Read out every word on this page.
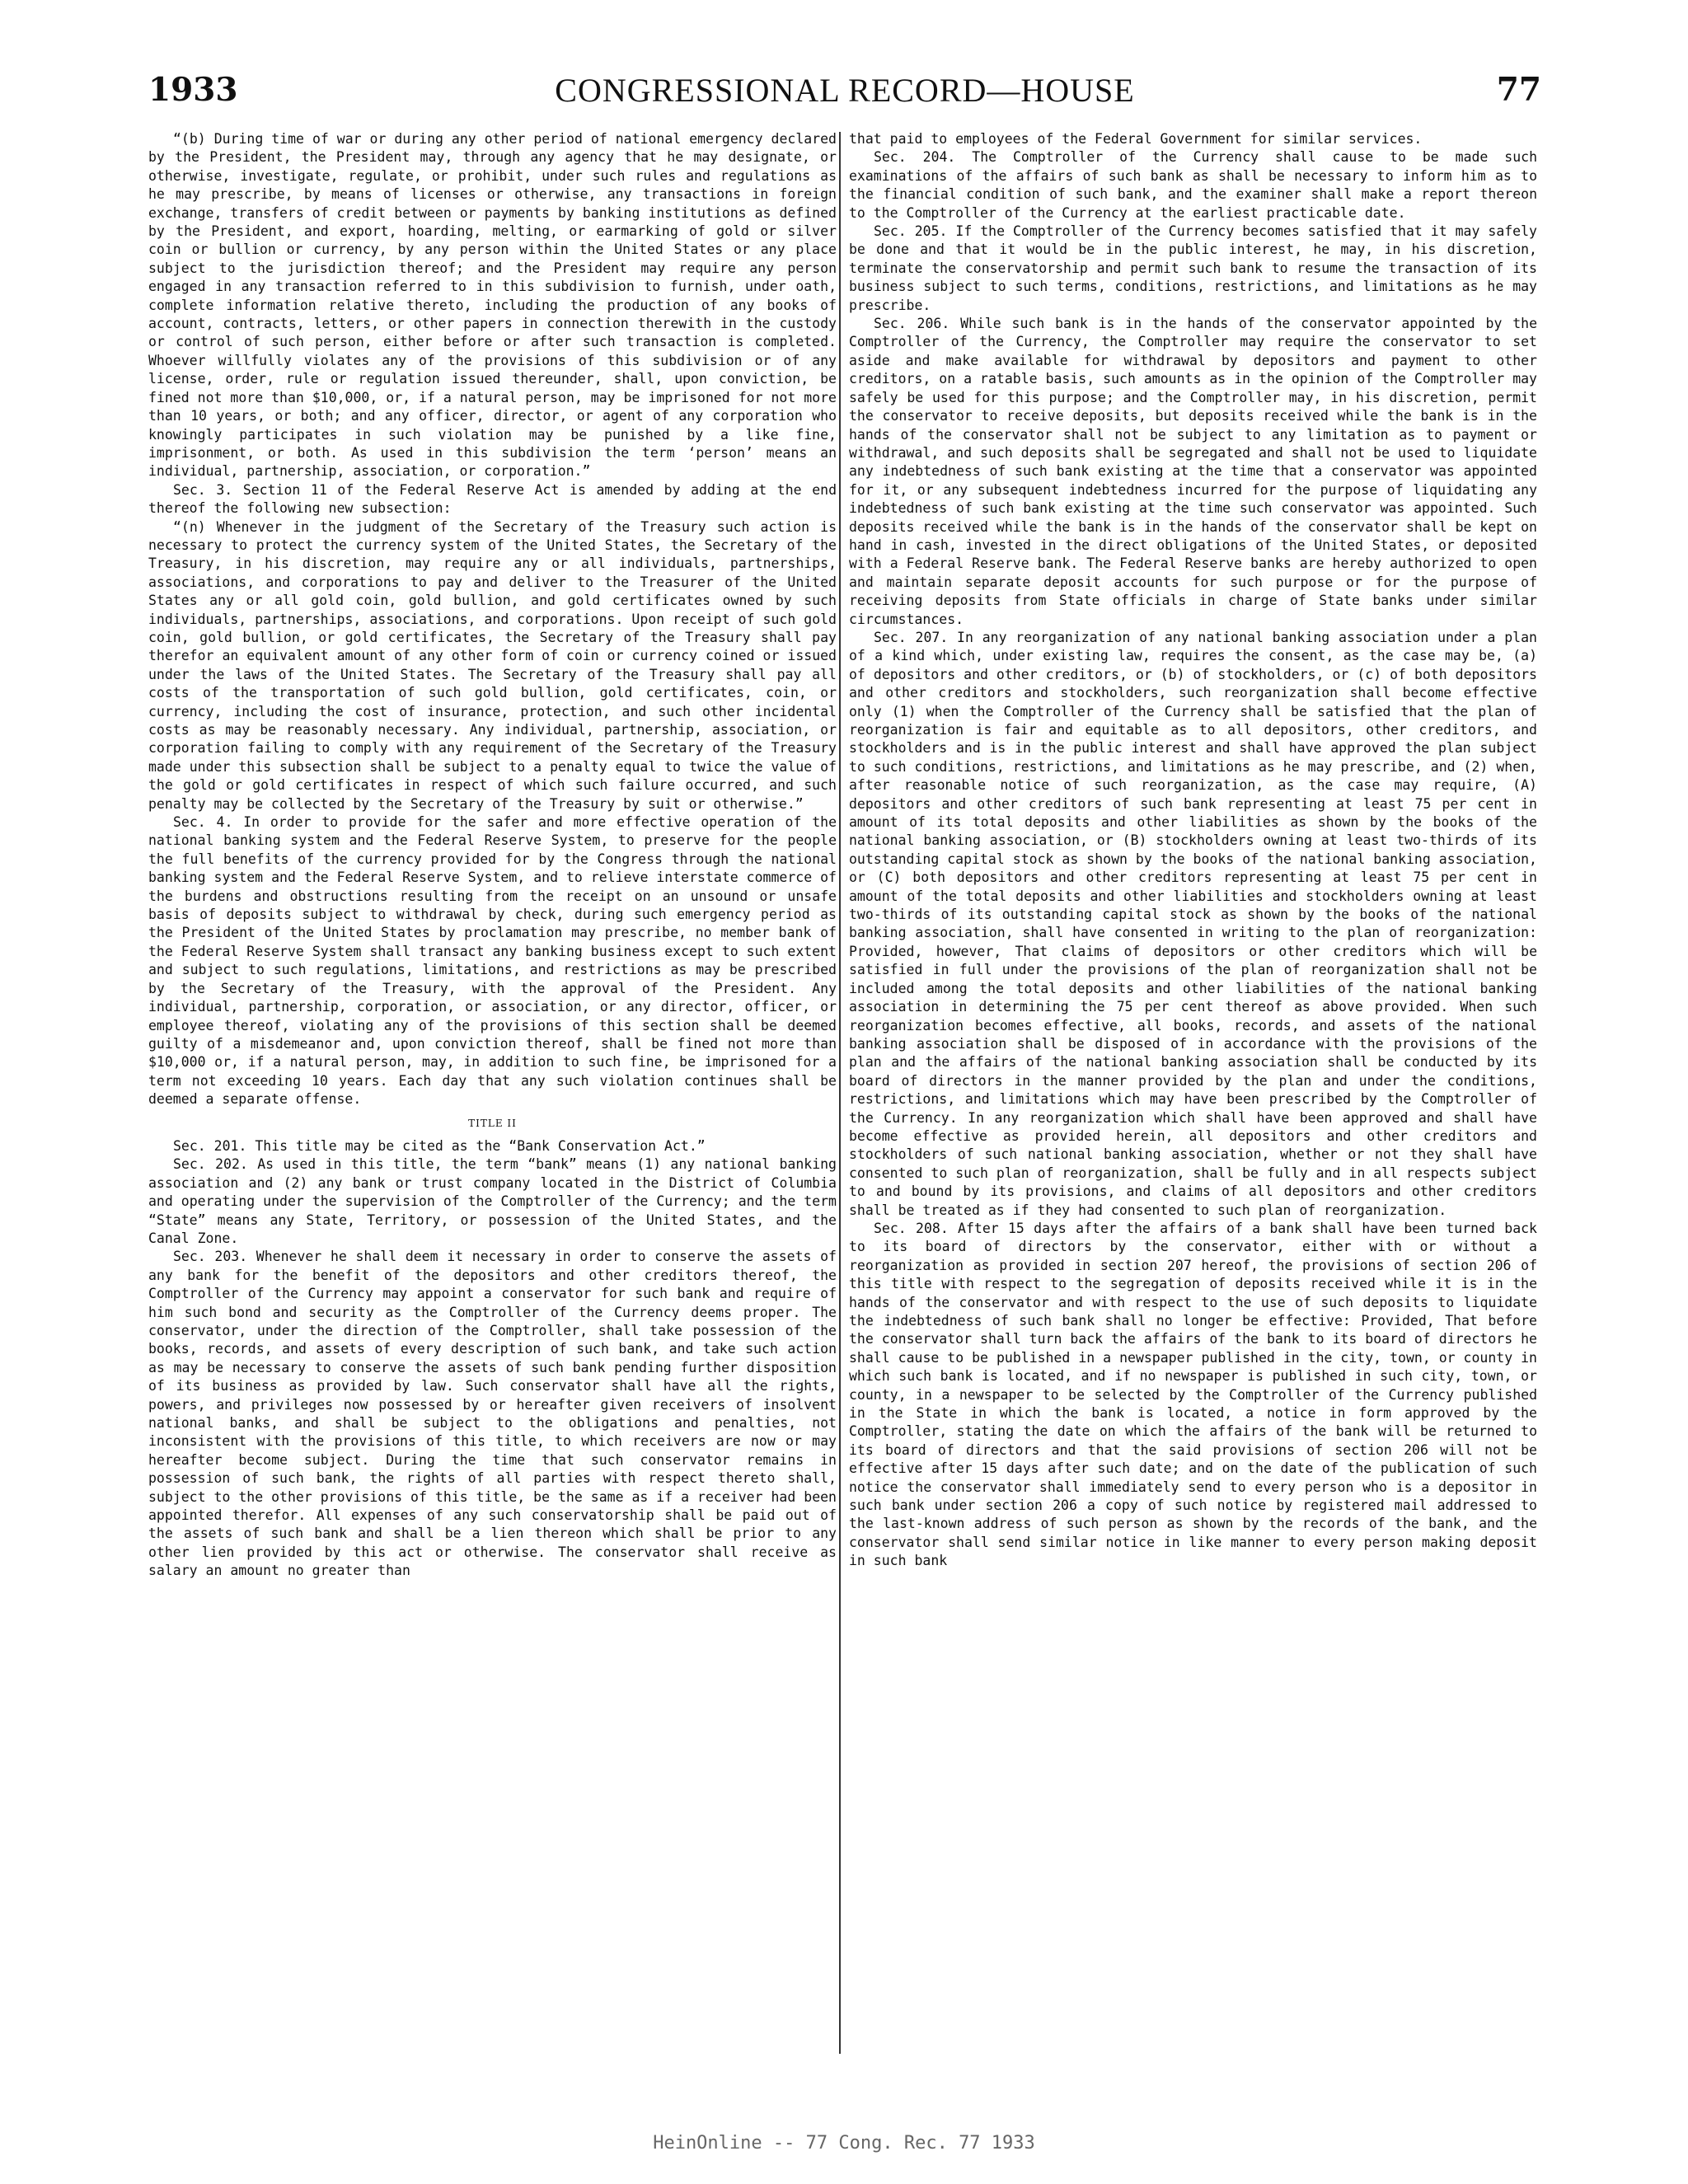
1933	CONGRESSIONAL RECORD—HOUSE	77

“(b) During time of war or during any other period of national emergency declared by the President, the President may, through any agency that he may designate, or otherwise, investigate, regulate, or prohibit, under such rules and regulations as he may prescribe, by means of licenses or otherwise, any transactions in foreign exchange, transfers of credit between or payments by banking institutions as defined by the President, and export, hoarding, melting, or earmarking of gold or silver coin or bullion or currency, by any person within the United States or any place subject to the jurisdiction thereof; and the President may require any person engaged in any transaction referred to in this subdivision to furnish, under oath, complete information relative thereto, including the production of any books of account, contracts, letters, or other papers in connection therewith in the custody or control of such person, either before or after such transaction is completed. Whoever willfully violates any of the provisions of this subdivision or of any license, order, rule or regulation issued thereunder, shall, upon conviction, be fined not more than $10,000, or, if a natural person, may be imprisoned for not more than 10 years, or both; and any officer, director, or agent of any corporation who knowingly participates in such violation may be punished by a like fine, imprisonment, or both. As used in this subdivision the term ‘person’ means an individual, partnership, association, or corporation.”

Sec. 3. Section 11 of the Federal Reserve Act is amended by adding at the end thereof the following new subsection:

“(n) Whenever in the judgment of the Secretary of the Treasury such action is necessary to protect the currency system of the United States, the Secretary of the Treasury, in his discretion, may require any or all individuals, partnerships, associations, and corporations to pay and deliver to the Treasurer of the United States any or all gold coin, gold bullion, and gold certificates owned by such individuals, partnerships, associations, and corporations. Upon receipt of such gold coin, gold bullion, or gold certificates, the Secretary of the Treasury shall pay therefor an equivalent amount of any other form of coin or currency coined or issued under the laws of the United States. The Secretary of the Treasury shall pay all costs of the transportation of such gold bullion, gold certificates, coin, or currency, including the cost of insurance, protection, and such other incidental costs as may be reasonably necessary. Any individual, partnership, association, or corporation failing to comply with any requirement of the Secretary of the Treasury made under this subsection shall be subject to a penalty equal to twice the value of the gold or gold certificates in respect of which such failure occurred, and such penalty may be collected by the Secretary of the Treasury by suit or otherwise.”

Sec. 4. In order to provide for the safer and more effective operation of the national banking system and the Federal Reserve System, to preserve for the people the full benefits of the currency provided for by the Congress through the national banking system and the Federal Reserve System, and to relieve interstate commerce of the burdens and obstructions resulting from the receipt on an unsound or unsafe basis of deposits subject to withdrawal by check, during such emergency period as the President of the United States by proclamation may prescribe, no member bank of the Federal Reserve System shall transact any banking business except to such extent and subject to such regulations, limitations, and restrictions as may be prescribed by the Secretary of the Treasury, with the approval of the President. Any individual, partnership, corporation, or association, or any director, officer, or employee thereof, violating any of the provisions of this section shall be deemed guilty of a misdemeanor and, upon conviction thereof, shall be fined not more than $10,000 or, if a natural person, may, in addition to such fine, be imprisoned for a term not exceeding 10 years. Each day that any such violation continues shall be deemed a separate offense.

TITLE II

Sec. 201. This title may be cited as the “Bank Conservation Act.”

Sec. 202. As used in this title, the term “bank” means (1) any national banking association and (2) any bank or trust company located in the District of Columbia and operating under the supervision of the Comptroller of the Currency; and the term “State” means any State, Territory, or possession of the United States, and the Canal Zone.

Sec. 203. Whenever he shall deem it necessary in order to conserve the assets of any bank for the benefit of the depositors and other creditors thereof, the Comptroller of the Currency may appoint a conservator for such bank and require of him such bond and security as the Comptroller of the Currency deems proper. The conservator, under the direction of the Comptroller, shall take possession of the books, records, and assets of every description of such bank, and take such action as may be necessary to conserve the assets of such bank pending further disposition of its business as provided by law. Such conservator shall have all the rights, powers, and privileges now possessed by or hereafter given receivers of insolvent national banks, and shall be subject to the obligations and penalties, not inconsistent with the provisions of this title, to which receivers are now or may hereafter become subject. During the time that such conservator remains in possession of such bank, the rights of all parties with respect thereto shall, subject to the other provisions of this title, be the same as if a receiver had been appointed therefor. All expenses of any such conservatorship shall be paid out of the assets of such bank and shall be a lien thereon which shall be prior to any other lien provided by this act or otherwise. The conservator shall receive as salary an amount no greater than

that paid to employees of the Federal Government for similar services.

Sec. 204. The Comptroller of the Currency shall cause to be made such examinations of the affairs of such bank as shall be necessary to inform him as to the financial condition of such bank, and the examiner shall make a report thereon to the Comptroller of the Currency at the earliest practicable date.

Sec. 205. If the Comptroller of the Currency becomes satisfied that it may safely be done and that it would be in the public interest, he may, in his discretion, terminate the conservatorship and permit such bank to resume the transaction of its business subject to such terms, conditions, restrictions, and limitations as he may prescribe.

Sec. 206. While such bank is in the hands of the conservator appointed by the Comptroller of the Currency, the Comptroller may require the conservator to set aside and make available for withdrawal by depositors and payment to other creditors, on a ratable basis, such amounts as in the opinion of the Comptroller may safely be used for this purpose; and the Comptroller may, in his discretion, permit the conservator to receive deposits, but deposits received while the bank is in the hands of the conservator shall not be subject to any limitation as to payment or withdrawal, and such deposits shall be segregated and shall not be used to liquidate any indebtedness of such bank existing at the time that a conservator was appointed for it, or any subsequent indebtedness incurred for the purpose of liquidating any indebtedness of such bank existing at the time such conservator was appointed. Such deposits received while the bank is in the hands of the conservator shall be kept on hand in cash, invested in the direct obligations of the United States, or deposited with a Federal Reserve bank. The Federal Reserve banks are hereby authorized to open and maintain separate deposit accounts for such purpose or for the purpose of receiving deposits from State officials in charge of State banks under similar circumstances.

Sec. 207. In any reorganization of any national banking association under a plan of a kind which, under existing law, requires the consent, as the case may be, (a) of depositors and other creditors, or (b) of stockholders, or (c) of both depositors and other creditors and stockholders, such reorganization shall become effective only (1) when the Comptroller of the Currency shall be satisfied that the plan of reorganization is fair and equitable as to all depositors, other creditors, and stockholders and is in the public interest and shall have approved the plan subject to such conditions, restrictions, and limitations as he may prescribe, and (2) when, after reasonable notice of such reorganization, as the case may require, (A) depositors and other creditors of such bank representing at least 75 per cent in amount of its total deposits and other liabilities as shown by the books of the national banking association, or (B) stockholders owning at least two-thirds of its outstanding capital stock as shown by the books of the national banking association, or (C) both depositors and other creditors representing at least 75 per cent in amount of the total deposits and other liabilities and stockholders owning at least two-thirds of its outstanding capital stock as shown by the books of the national banking association, shall have consented in writing to the plan of reorganization: Provided, however, That claims of depositors or other creditors which will be satisfied in full under the provisions of the plan of reorganization shall not be included among the total deposits and other liabilities of the national banking association in determining the 75 per cent thereof as above provided. When such reorganization becomes effective, all books, records, and assets of the national banking association shall be disposed of in accordance with the provisions of the plan and the affairs of the national banking association shall be conducted by its board of directors in the manner provided by the plan and under the conditions, restrictions, and limitations which may have been prescribed by the Comptroller of the Currency. In any reorganization which shall have been approved and shall have become effective as provided herein, all depositors and other creditors and stockholders of such national banking association, whether or not they shall have consented to such plan of reorganization, shall be fully and in all respects subject to and bound by its provisions, and claims of all depositors and other creditors shall be treated as if they had consented to such plan of reorganization.

Sec. 208. After 15 days after the affairs of a bank shall have been turned back to its board of directors by the conservator, either with or without a reorganization as provided in section 207 hereof, the provisions of section 206 of this title with respect to the segregation of deposits received while it is in the hands of the conservator and with respect to the use of such deposits to liquidate the indebtedness of such bank shall no longer be effective: Provided, That before the conservator shall turn back the affairs of the bank to its board of directors he shall cause to be published in a newspaper published in the city, town, or county in which such bank is located, and if no newspaper is published in such city, town, or county, in a newspaper to be selected by the Comptroller of the Currency published in the State in which the bank is located, a notice in form approved by the Comptroller, stating the date on which the affairs of the bank will be returned to its board of directors and that the said provisions of section 206 will not be effective after 15 days after such date; and on the date of the publication of such notice the conservator shall immediately send to every person who is a depositor in such bank under section 206 a copy of such notice by registered mail addressed to the last-known address of such person as shown by the records of the bank, and the conservator shall send similar notice in like manner to every person making deposit in such bank

HeinOnline -- 77 Cong. Rec. 77 1933
